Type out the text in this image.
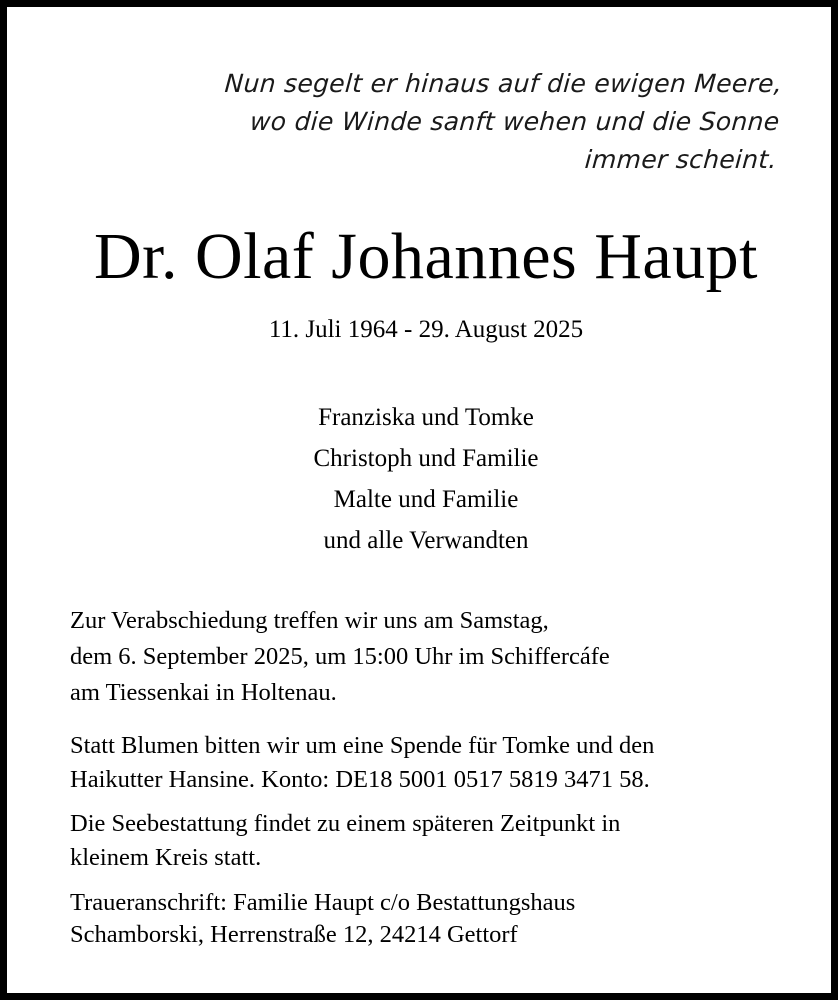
Nun segelt er hinaus auf die ewigen Meere,
wo die Winde sanft wehen und die Sonne
immer scheint.
Dr. Olaf Johannes Haupt
11. Juli 1964 - 29. August 2025
Franziska und Tomke
Christoph und Familie
Malte und Familie
und alle Verwandten
Zur Verabschiedung treffen wir uns am Samstag,
dem 6. September 2025, um 15:00 Uhr im Schiffercáfe
am Tiessenkai in Holtenau.
Statt Blumen bitten wir um eine Spende für Tomke und den
Haikutter Hansine. Konto: DE18 5001 0517 5819 3471 58.
Die Seebestattung findet zu einem späteren Zeitpunkt in
kleinem Kreis statt.
Traueranschrift: Familie Haupt c/o Bestattungshaus
Schamborski, Herrenstraße 12, 24214 Gettorf
